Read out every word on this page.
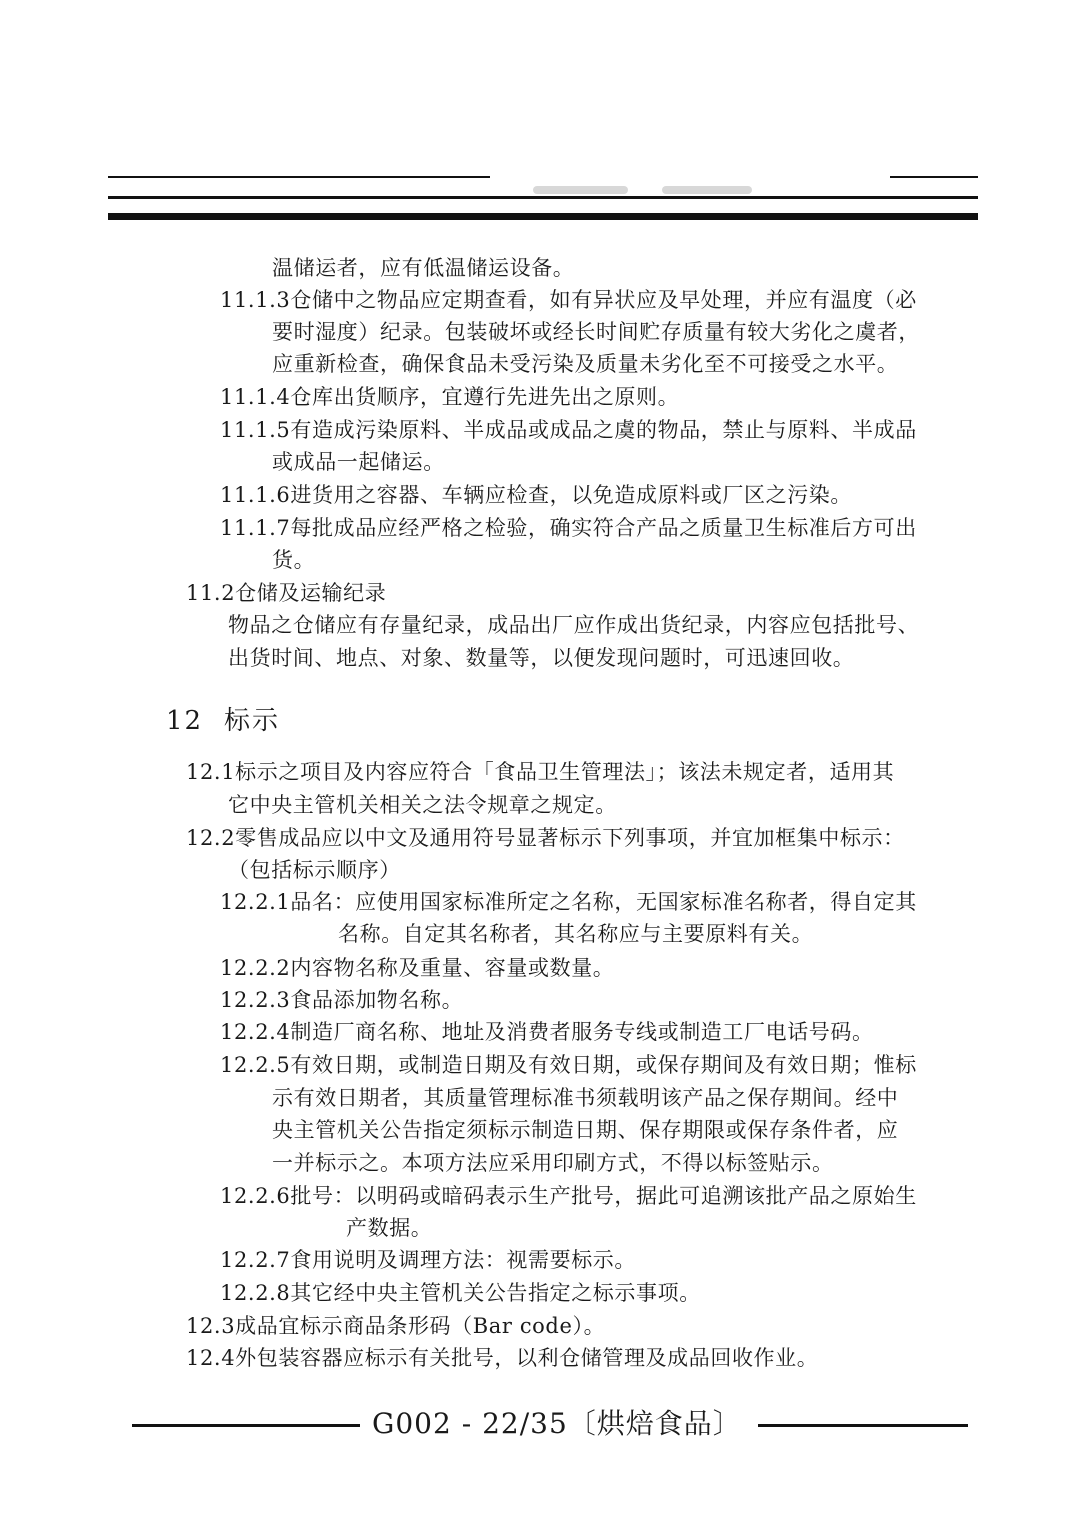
温储运者，应有低温储运设备。
11.1.3仓储中之物品应定期查看，如有异状应及早处理，并应有温度（必
要时湿度）纪录。包装破坏或经长时间贮存质量有较大劣化之虞者，
应重新检查，确保食品未受污染及质量未劣化至不可接受之水平。
11.1.4仓库出货顺序，宜遵行先进先出之原则。
11.1.5有造成污染原料、半成品或成品之虞的物品，禁止与原料、半成品
或成品一起储运。
11.1.6进货用之容器、车辆应检查，以免造成原料或厂区之污染。
11.1.7每批成品应经严格之检验，确实符合产品之质量卫生标准后方可出
货。
11.2仓储及运输纪录
物品之仓储应有存量纪录，成品出厂应作成出货纪录，内容应包括批号、
出货时间、地点、对象、数量等，以便发现问题时，可迅速回收。
12 标示
12.1标示之项目及内容应符合「食品卫生管理法」；该法未规定者，适用其
它中央主管机关相关之法令规章之规定。
12.2零售成品应以中文及通用符号显著标示下列事项，并宜加框集中标示：
（包括标示顺序）
12.2.1品名：应使用国家标准所定之名称，无国家标准名称者，得自定其
名称。自定其名称者，其名称应与主要原料有关。
12.2.2内容物名称及重量、容量或数量。
12.2.3食品添加物名称。
12.2.4制造厂商名称、地址及消费者服务专线或制造工厂电话号码。
12.2.5有效日期，或制造日期及有效日期，或保存期间及有效日期；惟标
示有效日期者，其质量管理标准书须载明该产品之保存期间。经中
央主管机关公告指定须标示制造日期、保存期限或保存条件者，应
一并标示之。本项方法应采用印刷方式，不得以标签贴示。
12.2.6批号：以明码或暗码表示生产批号，据此可追溯该批产品之原始生
产数据。
12.2.7食用说明及调理方法：视需要标示。
12.2.8其它经中央主管机关公告指定之标示事项。
12.3成品宜标示商品条形码（Bar code）。
12.4外包装容器应标示有关批号，以利仓储管理及成品回收作业。
G002 - 22/35〔烘焙食品〕
